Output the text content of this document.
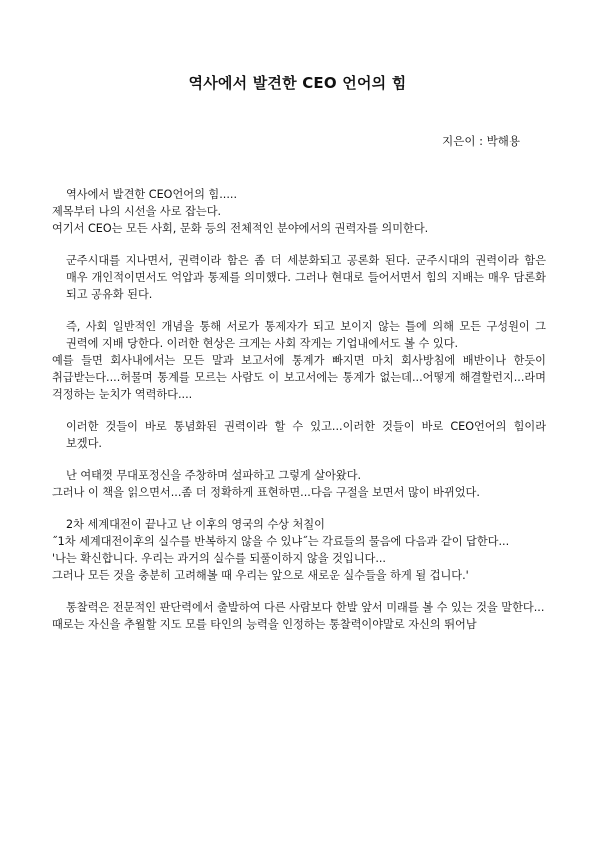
역사에서 발견한 CEO 언어의 힘
지은이 : 박해용

역사에서 발견한 CEO언어의 힘.....
제목부터 나의 시선을 사로 잡는다.
여기서 CEO는 모든 사회, 문화 등의 전체적인 분야에서의 권력자를 의미한다.

군주시대를 지나면서, 권력이라 함은 좀 더 세분화되고 공론화 된다. 군주시대의 권력이라 함은 매우 개인적이면서도 억압과 통제를 의미했다. 그러나 현대로 들어서면서 힘의 지배는 매우 담론화 되고 공유화 된다.

즉, 사회 일반적인 개념을 통해 서로가 통제자가 되고 보이지 않는 틀에 의해 모든 구성원이 그 권력에 지배 당한다. 이러한 현상은 크게는 사회 작게는 기업내에서도 볼 수 있다.
예를 들면 회사내에서는 모든 말과 보고서에 통계가 빠지면 마치 회사방침에 배반이나 한듯이 취급받는다....허물며 통계를 모르는 사람도 이 보고서에는 통계가 없는데...어떻게 해결할런지...라며 걱정하는 눈치가 역력하다....

이러한 것들이 바로 통념화된 권력이라 할 수 있고...이러한 것들이 바로 CEO언어의 힘이라 보겠다.

난 여태껏 무대포정신을 주창하며 설파하고 그렇게 살아왔다.
그러나 이 책을 읽으면서...좀 더 정확하게 표현하면...다음 구절을 보면서 많이 바뀌었다.

2차 세계대전이 끝나고 난 이후의 영국의 수상 처칠이
˝1차 세계대전이후의 실수를 반복하지 않을 수 있냐˝는 각료들의 물음에 다음과 같이 답한다...
'나는 확신합니다. 우리는 과거의 실수를 되풀이하지 않을 것입니다...
그러나 모든 것을 충분히 고려해볼 때 우리는 앞으로 새로운 실수들을 하게 될 겁니다.'

통찰력은 전문적인 판단력에서 출발하여 다른 사람보다 한발 앞서 미래를 볼 수 있는 것을 말한다...
때로는 자신을 추월할 지도 모를 타인의 능력을 인정하는 통찰력이야말로 자신의 뛰어남
